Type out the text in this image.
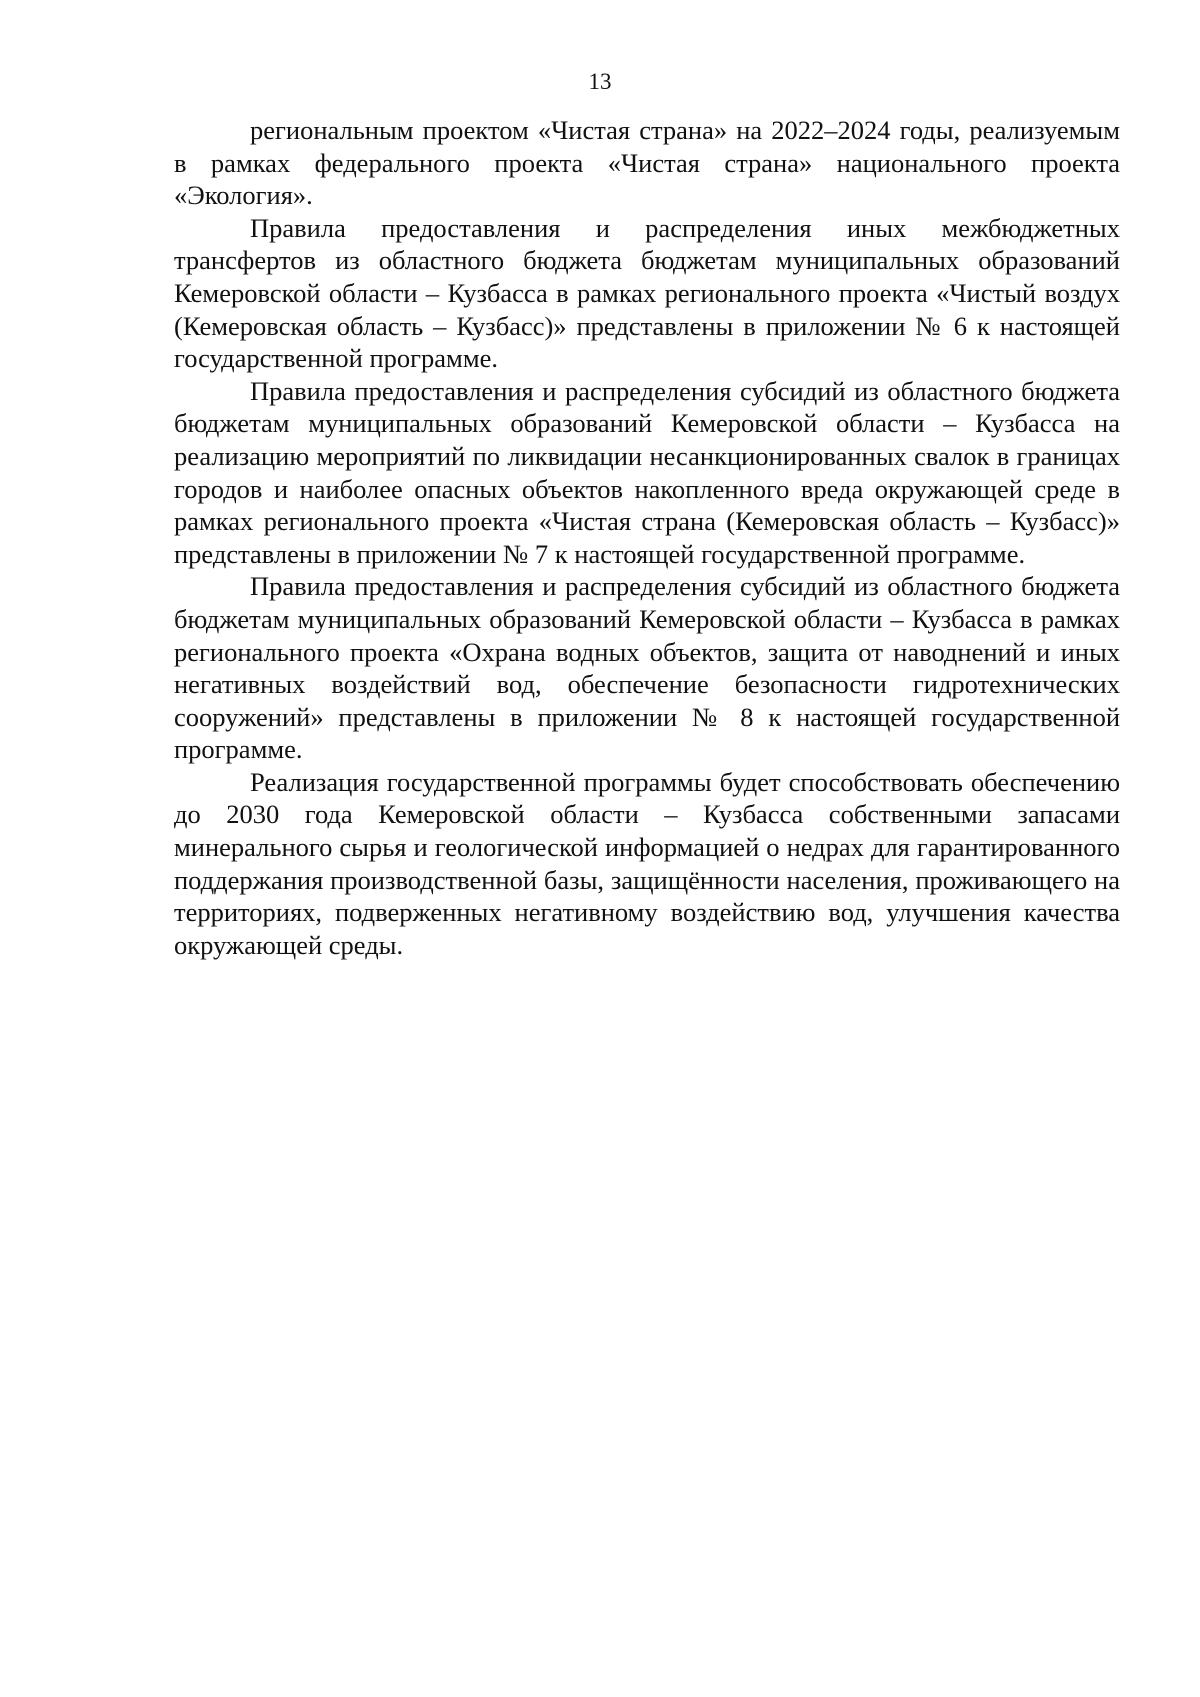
13

региональным проектом «Чистая страна» на 2022–2024 годы, реализуемым в рамках федерального проекта «Чистая страна» национального проекта «Экология».

Правила предоставления и распределения иных межбюджетных трансфертов из областного бюджета бюджетам муниципальных образований Кемеровской области – Кузбасса в рамках регионального проекта «Чистый воздух (Кемеровская область – Кузбасс)» представлены в приложении № 6 к настоящей государственной программе.

Правила предоставления и распределения субсидий из областного бюджета бюджетам муниципальных образований Кемеровской области – Кузбасса на реализацию мероприятий по ликвидации несанкционированных свалок в границах городов и наиболее опасных объектов накопленного вреда окружающей среде в рамках регионального проекта «Чистая страна (Кемеровская область – Кузбасс)» представлены в приложении № 7 к настоящей государственной программе.

Правила предоставления и распределения субсидий из областного бюджета бюджетам муниципальных образований Кемеровской области – Кузбасса в рамках регионального проекта «Охрана водных объектов, защита от наводнений и иных негативных воздействий вод, обеспечение безопасности гидротехнических сооружений» представлены в приложении № 8 к настоящей государственной программе.

Реализация государственной программы будет способствовать обеспечению до 2030 года Кемеровской области – Кузбасса собственными запасами минерального сырья и геологической информацией о недрах для гарантированного поддержания производственной базы, защищённости населения, проживающего на территориях, подверженных негативному воздействию вод, улучшения качества окружающей среды.
